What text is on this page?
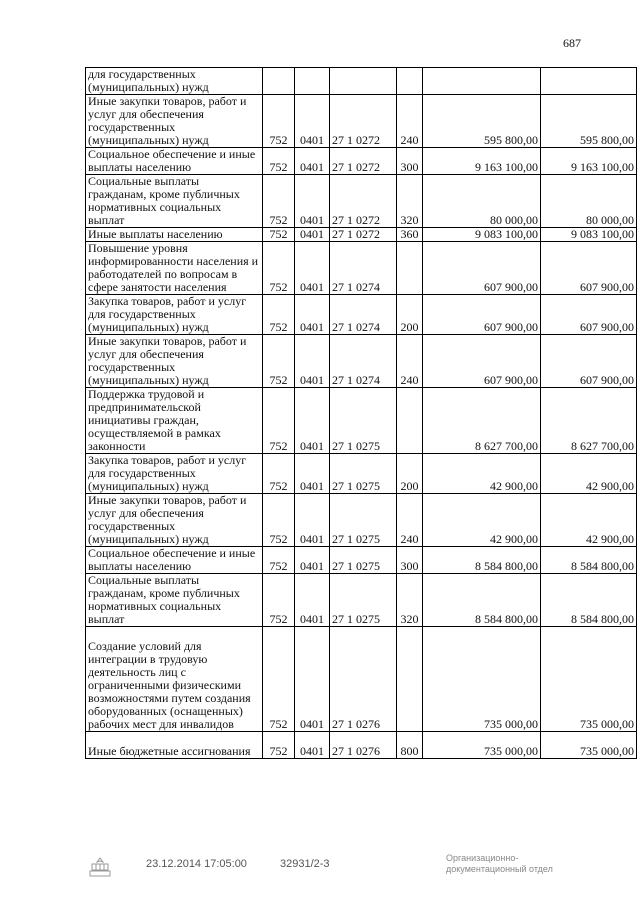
687
для государственных (муниципальных) нужд						
Иные закупки товаров, работ и услуг для обеспечения государственных (муниципальных) нужд	752	0401	27 1 0272	240	595 800,00	595 800,00
Социальное обеспечение и иные выплаты населению	752	0401	27 1 0272	300	9 163 100,00	9 163 100,00
Социальные выплаты гражданам, кроме публичных нормативных социальных выплат	752	0401	27 1 0272	320	80 000,00	80 000,00
Иные выплаты населению	752	0401	27 1 0272	360	9 083 100,00	9 083 100,00
Повышение уровня информированности населения и работодателей по вопросам в сфере занятости населения	752	0401	27 1 0274		607 900,00	607 900,00
Закупка товаров, работ и услуг для государственных (муниципальных) нужд	752	0401	27 1 0274	200	607 900,00	607 900,00
Иные закупки товаров, работ и услуг для обеспечения государственных (муниципальных) нужд	752	0401	27 1 0274	240	607 900,00	607 900,00
Поддержка трудовой и предпринимательской инициативы граждан, осуществляемой в рамках законности	752	0401	27 1 0275		8 627 700,00	8 627 700,00
Закупка товаров, работ и услуг для государственных (муниципальных) нужд	752	0401	27 1 0275	200	42 900,00	42 900,00
Иные закупки товаров, работ и услуг для обеспечения государственных (муниципальных) нужд	752	0401	27 1 0275	240	42 900,00	42 900,00
Социальное обеспечение и иные выплаты населению	752	0401	27 1 0275	300	8 584 800,00	8 584 800,00
Социальные выплаты гражданам, кроме публичных нормативных социальных выплат	752	0401	27 1 0275	320	8 584 800,00	8 584 800,00
Создание условий для интеграции в трудовую деятельность лиц с ограниченными физическими возможностями путем создания оборудованных (оснащенных) рабочих мест для инвалидов	752	0401	27 1 0276		735 000,00	735 000,00
Иные бюджетные ассигнования	752	0401	27 1 0276	800	735 000,00	735 000,00
23.12.2014 17:05:00	32931/2-3	Организационно-
документационный отдел
